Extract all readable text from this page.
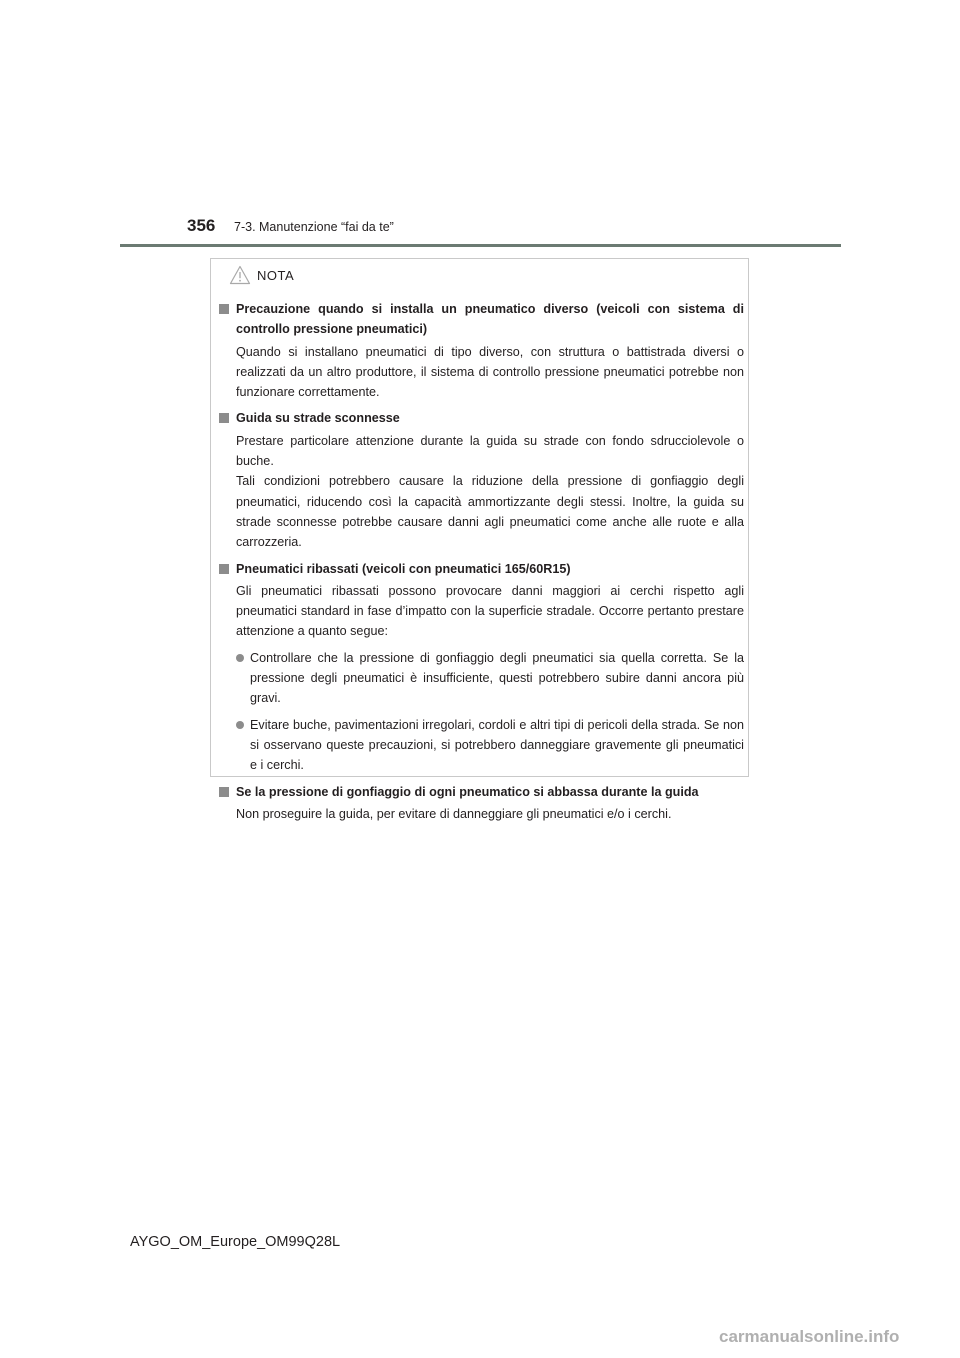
356 7-3. Manutenzione “fai da te”
NOTA
Precauzione quando si installa un pneumatico diverso (veicoli con sistema di controllo pressione pneumatici)
Quando si installano pneumatici di tipo diverso, con struttura o battistrada diversi o realizzati da un altro produttore, il sistema di controllo pressione pneumatici potrebbe non funzionare correttamente.
Guida su strade sconnesse
Prestare particolare attenzione durante la guida su strade con fondo sdrucciolevole o buche.
Tali condizioni potrebbero causare la riduzione della pressione di gonfiaggio degli pneumatici, riducendo così la capacità ammortizzante degli stessi. Inoltre, la guida su strade sconnesse potrebbe causare danni agli pneumatici come anche alle ruote e alla carrozzeria.
Pneumatici ribassati (veicoli con pneumatici 165/60R15)
Gli pneumatici ribassati possono provocare danni maggiori ai cerchi rispetto agli pneumatici standard in fase d’impatto con la superficie stradale. Occorre pertanto prestare attenzione a quanto segue:
Controllare che la pressione di gonfiaggio degli pneumatici sia quella corretta. Se la pressione degli pneumatici è insufficiente, questi potrebbero subire danni ancora più gravi.
Evitare buche, pavimentazioni irregolari, cordoli e altri tipi di pericoli della strada. Se non si osservano queste precauzioni, si potrebbero danneggiare gravemente gli pneumatici e i cerchi.
Se la pressione di gonfiaggio di ogni pneumatico si abbassa durante la guida
Non proseguire la guida, per evitare di danneggiare gli pneumatici e/o i cerchi.
AYGO_OM_Europe_OM99Q28L
carmanualsonline.info
